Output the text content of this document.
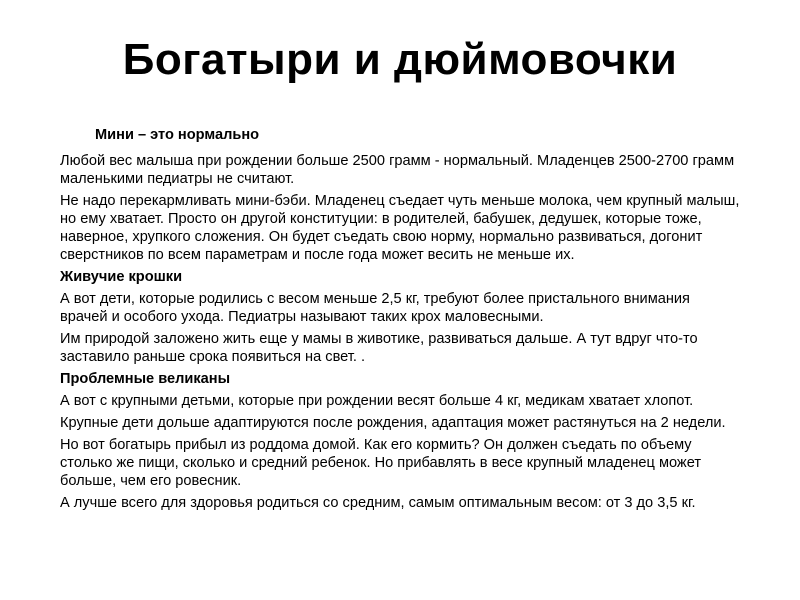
Богатыри и дюймовочки
Мини – это нормально
Любой вес малыша при рождении больше 2500 грамм - нормальный. Младенцев 2500-2700 грамм маленькими педиатры не считают.
Не надо перекармливать мини-бэби. Младенец съедает чуть меньше молока, чем крупный малыш, но ему хватает. Просто он другой конституции: в родителей, бабушек, дедушек, которые тоже, наверное, хрупкого сложения. Он будет съедать свою норму, нормально развиваться, догонит сверстников по всем параметрам и после года может весить не меньше их.
Живучие крошки
А вот дети, которые родились с весом меньше 2,5 кг, требуют более пристального внимания врачей и особого ухода. Педиатры называют таких крох маловесными.
Им природой заложено жить еще у мамы в животике, развиваться дальше. А тут вдруг что-то заставило раньше срока появиться на свет. .
Проблемные великаны
А вот с крупными детьми, которые при рождении весят больше 4 кг, медикам хватает хлопот.
Крупные дети дольше адаптируются после рождения, адаптация может растянуться на 2 недели.
Но вот богатырь прибыл из роддома домой. Как его кормить? Он должен съедать по объему столько же пищи, сколько и средний ребенок. Но прибавлять в весе крупный младенец может больше, чем его ровесник.
А лучше всего для здоровья родиться со средним, самым оптимальным весом: от 3 до 3,5 кг.
